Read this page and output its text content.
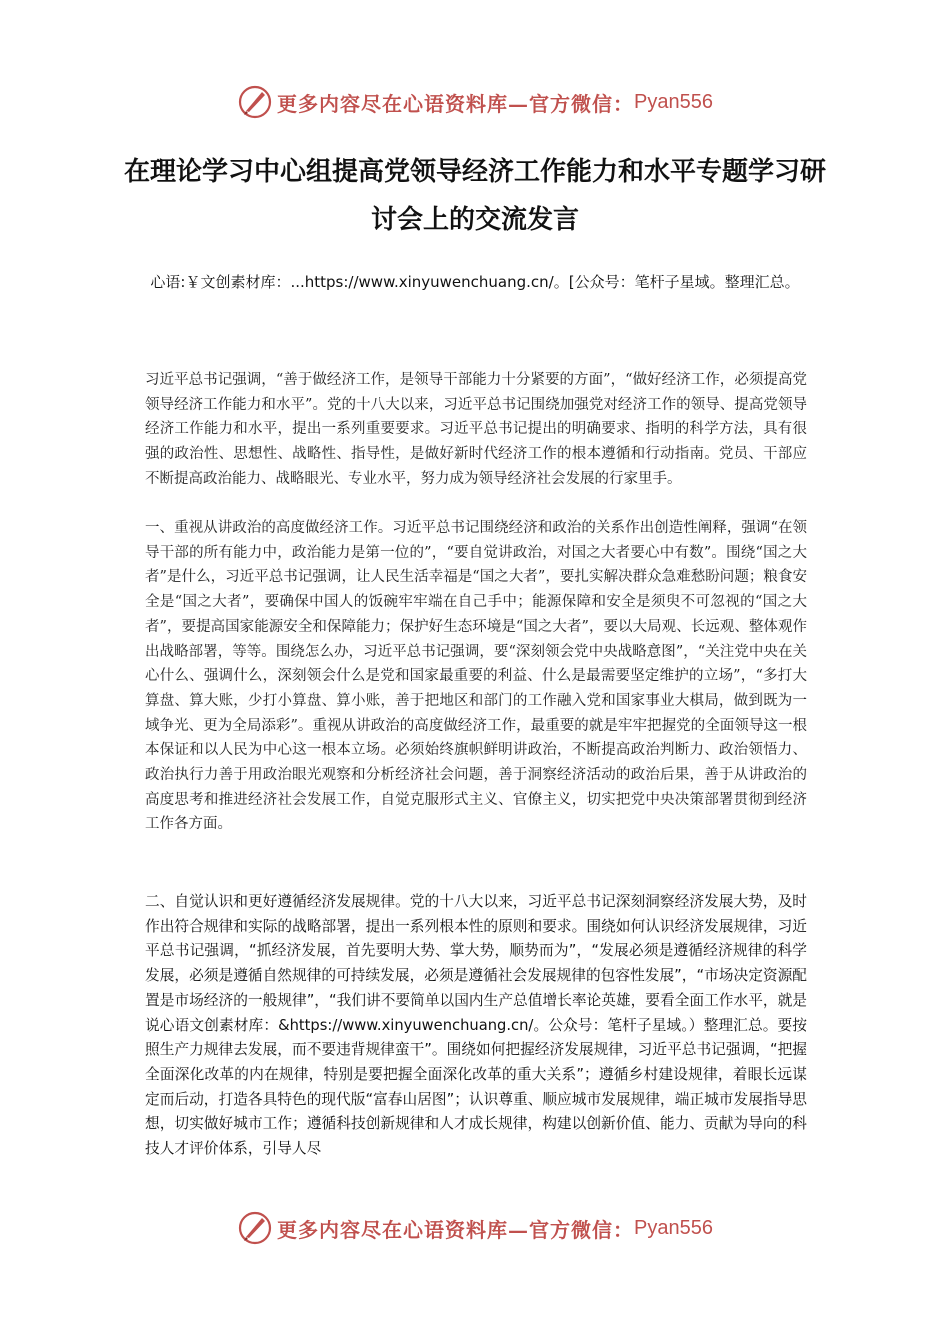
更多内容尽在心语资料库—官方微信： Pyan556
在理论学习中心组提高党领导经济工作能力和水平专题学习研讨会上的交流发言

心语:￥文创素材库：...https://www.xinyuwenchuang.cn/。[公众号：笔杆子星域。整理汇总。

习近平总书记强调，“善于做经济工作，是领导干部能力十分紧要的方面”，“做好经济工作，必须提高党领导经济工作能力和水平”。党的十八大以来，习近平总书记围绕加强党对经济工作的领导、提高党领导经济工作能力和水平，提出一系列重要要求。习近平总书记提出的明确要求、指明的科学方法，具有很强的政治性、思想性、战略性、指导性，是做好新时代经济工作的根本遵循和行动指南。党员、干部应不断提高政治能力、战略眼光、专业水平，努力成为领导经济社会发展的行家里手。

一、重视从讲政治的高度做经济工作。习近平总书记围绕经济和政治的关系作出创造性阐释，强调“在领导干部的所有能力中，政治能力是第一位的”，“要自觉讲政治，对国之大者要心中有数”。围绕“国之大者”是什么，习近平总书记强调，让人民生活幸福是“国之大者”，要扎实解决群众急难愁盼问题；粮食安全是“国之大者”，要确保中国人的饭碗牢牢端在自己手中；能源保障和安全是须臾不可忽视的“国之大者”，要提高国家能源安全和保障能力；保护好生态环境是“国之大者”，要以大局观、长远观、整体观作出战略部署，等等。围绕怎么办，习近平总书记强调，要“深刻领会党中央战略意图”，“关注党中央在关心什么、强调什么，深刻领会什么是党和国家最重要的利益、什么是最需要坚定维护的立场”，“多打大算盘、算大账，少打小算盘、算小账，善于把地区和部门的工作融入党和国家事业大棋局，做到既为一域争光、更为全局添彩”。重视从讲政治的高度做经济工作，最重要的就是牢牢把握党的全面领导这一根本保证和以人民为中心这一根本立场。必须始终旗帜鲜明讲政治，不断提高政治判断力、政治领悟力、政治执行力善于用政治眼光观察和分析经济社会问题，善于洞察经济活动的政治后果，善于从讲政治的高度思考和推进经济社会发展工作，自觉克服形式主义、官僚主义，切实把党中央决策部署贯彻到经济工作各方面。

二、自觉认识和更好遵循经济发展规律。党的十八大以来，习近平总书记深刻洞察经济发展大势，及时作出符合规律和实际的战略部署，提出一系列根本性的原则和要求。围绕如何认识经济发展规律，习近平总书记强调，“抓经济发展，首先要明大势、掌大势，顺势而为”，“发展必须是遵循经济规律的科学发展，必须是遵循自然规律的可持续发展，必须是遵循社会发展规律的包容性发展”，“市场决定资源配置是市场经济的一般规律”，“我们讲不要简单以国内生产总值增长率论英雄，要看全面工作水平，就是说心语文创素材库：&https://www.xinyuwenchuang.cn/。公众号：笔杆子星域。）整理汇总。要按照生产力规律去发展，而不要违背规律蛮干”。围绕如何把握经济发展规律，习近平总书记强调，“把握全面深化改革的内在规律，特别是要把握全面深化改革的重大关系”；遵循乡村建设规律，着眼长远谋定而后动，打造各具特色的现代版“富春山居图”；认识尊重、顺应城市发展规律，端正城市发展指导思想，切实做好城市工作；遵循科技创新规律和人才成长规律，构建以创新价值、能力、贡献为导向的科技人才评价体系，引导人尽

更多内容尽在心语资料库—官方微信： Pyan556
